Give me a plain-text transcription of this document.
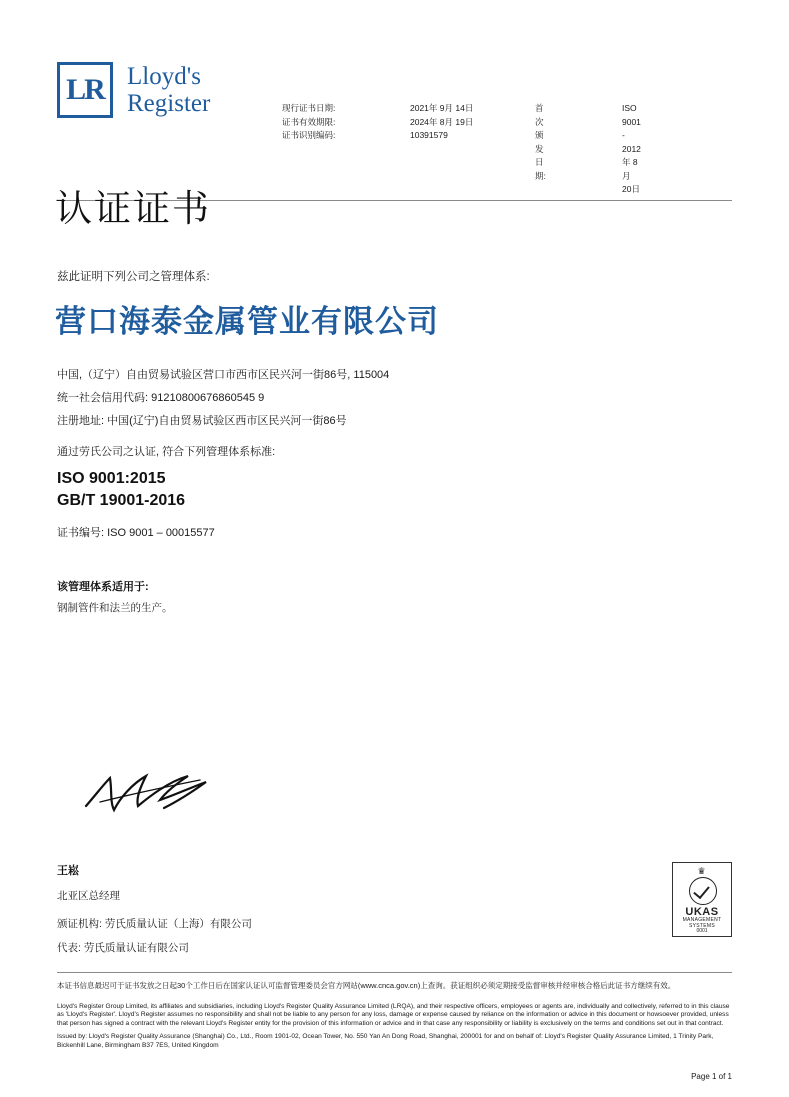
LR Lloyd's
Register	现行证书日期:
证书有效期限:
证书识别编码:
2021年 9月 14日
2024年 8月 19日
10391579
首次颁发日期:
ISO 9001 - 2012年 8月 20日
认证证书
兹此证明下列公司之管理体系:
营口海泰金属管业有限公司
中国,（辽宁）自由贸易试验区营口市西市区民兴河一街86号, 115004
统一社会信用代码: 91210800676860545 9
注册地址: 中国(辽宁)自由贸易试验区西市区民兴河一街86号
通过劳氏公司之认证, 符合下列管理体系标准:
ISO 9001:2015
GB/T 19001-2016
证书编号: ISO 9001 – 00015577
该管理体系适用于:
钢制管件和法兰的生产。
王崧
北亚区总经理
颁证机构: 劳氏质量认证（上海）有限公司
代表: 劳氏质量认证有限公司
♛
UKAS
MANAGEMENT
SYSTEMS
0001
本证书信息最迟可于证书发放之日起30个工作日后在国家认证认可监督管理委员会官方网站(www.cnca.gov.cn)上查询。获证组织必须定期接受监督审核并经审核合格后此证书方继续有效。

Lloyd's Register Group Limited, its affiliates and subsidiaries, including Lloyd's Register Quality Assurance Limited (LRQA), and their respective officers, employees or agents are, individually and collectively, referred to in this clause as 'Lloyd's Register'. Lloyd's Register assumes no responsibility and shall not be liable to any person for any loss, damage or expense caused by reliance on the information or advice in this document or howsoever provided, unless that person has signed a contract with the relevant Lloyd's Register entity for the provision of this information or advice and in that case any responsibility or liability is exclusively on the terms and conditions set out in that contract.

Issued by: Lloyd's Register Quality Assurance (Shanghai) Co., Ltd., Room 1901-02, Ocean Tower, No. 550 Yan An Dong Road, Shanghai, 200001 for and on behalf of: Lloyd's Register Quality Assurance Limited, 1 Trinity Park, Bickenhill Lane, Birmingham B37 7ES, United Kingdom

Page 1 of 1
